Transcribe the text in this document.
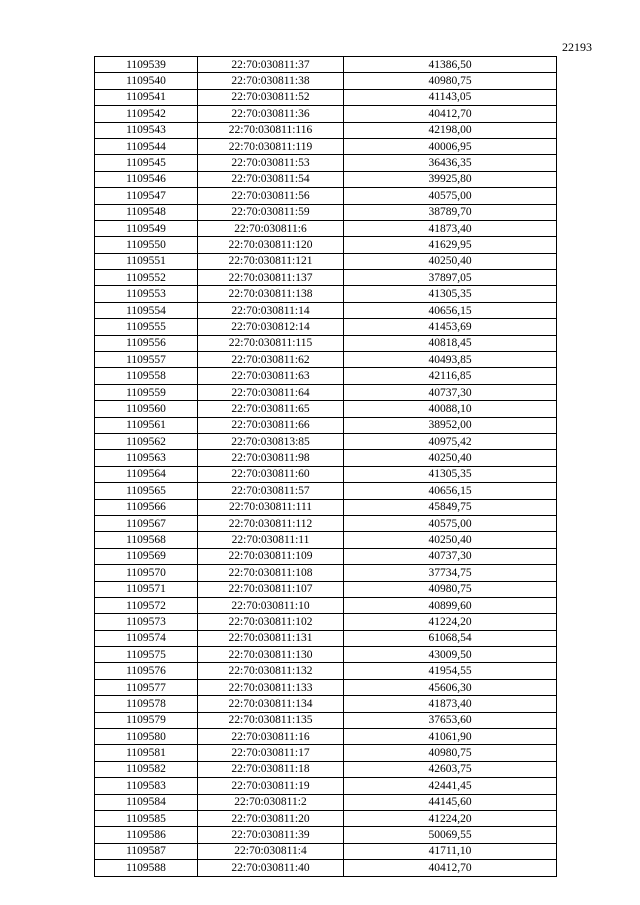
22193
1109539	22:70:030811:37	41386,50
1109540	22:70:030811:38	40980,75
1109541	22:70:030811:52	41143,05
1109542	22:70:030811:36	40412,70
1109543	22:70:030811:116	42198,00
1109544	22:70:030811:119	40006,95
1109545	22:70:030811:53	36436,35
1109546	22:70:030811:54	39925,80
1109547	22:70:030811:56	40575,00
1109548	22:70:030811:59	38789,70
1109549	22:70:030811:6	41873,40
1109550	22:70:030811:120	41629,95
1109551	22:70:030811:121	40250,40
1109552	22:70:030811:137	37897,05
1109553	22:70:030811:138	41305,35
1109554	22:70:030811:14	40656,15
1109555	22:70:030812:14	41453,69
1109556	22:70:030811:115	40818,45
1109557	22:70:030811:62	40493,85
1109558	22:70:030811:63	42116,85
1109559	22:70:030811:64	40737,30
1109560	22:70:030811:65	40088,10
1109561	22:70:030811:66	38952,00
1109562	22:70:030813:85	40975,42
1109563	22:70:030811:98	40250,40
1109564	22:70:030811:60	41305,35
1109565	22:70:030811:57	40656,15
1109566	22:70:030811:111	45849,75
1109567	22:70:030811:112	40575,00
1109568	22:70:030811:11	40250,40
1109569	22:70:030811:109	40737,30
1109570	22:70:030811:108	37734,75
1109571	22:70:030811:107	40980,75
1109572	22:70:030811:10	40899,60
1109573	22:70:030811:102	41224,20
1109574	22:70:030811:131	61068,54
1109575	22:70:030811:130	43009,50
1109576	22:70:030811:132	41954,55
1109577	22:70:030811:133	45606,30
1109578	22:70:030811:134	41873,40
1109579	22:70:030811:135	37653,60
1109580	22:70:030811:16	41061,90
1109581	22:70:030811:17	40980,75
1109582	22:70:030811:18	42603,75
1109583	22:70:030811:19	42441,45
1109584	22:70:030811:2	44145,60
1109585	22:70:030811:20	41224,20
1109586	22:70:030811:39	50069,55
1109587	22:70:030811:4	41711,10
1109588	22:70:030811:40	40412,70
